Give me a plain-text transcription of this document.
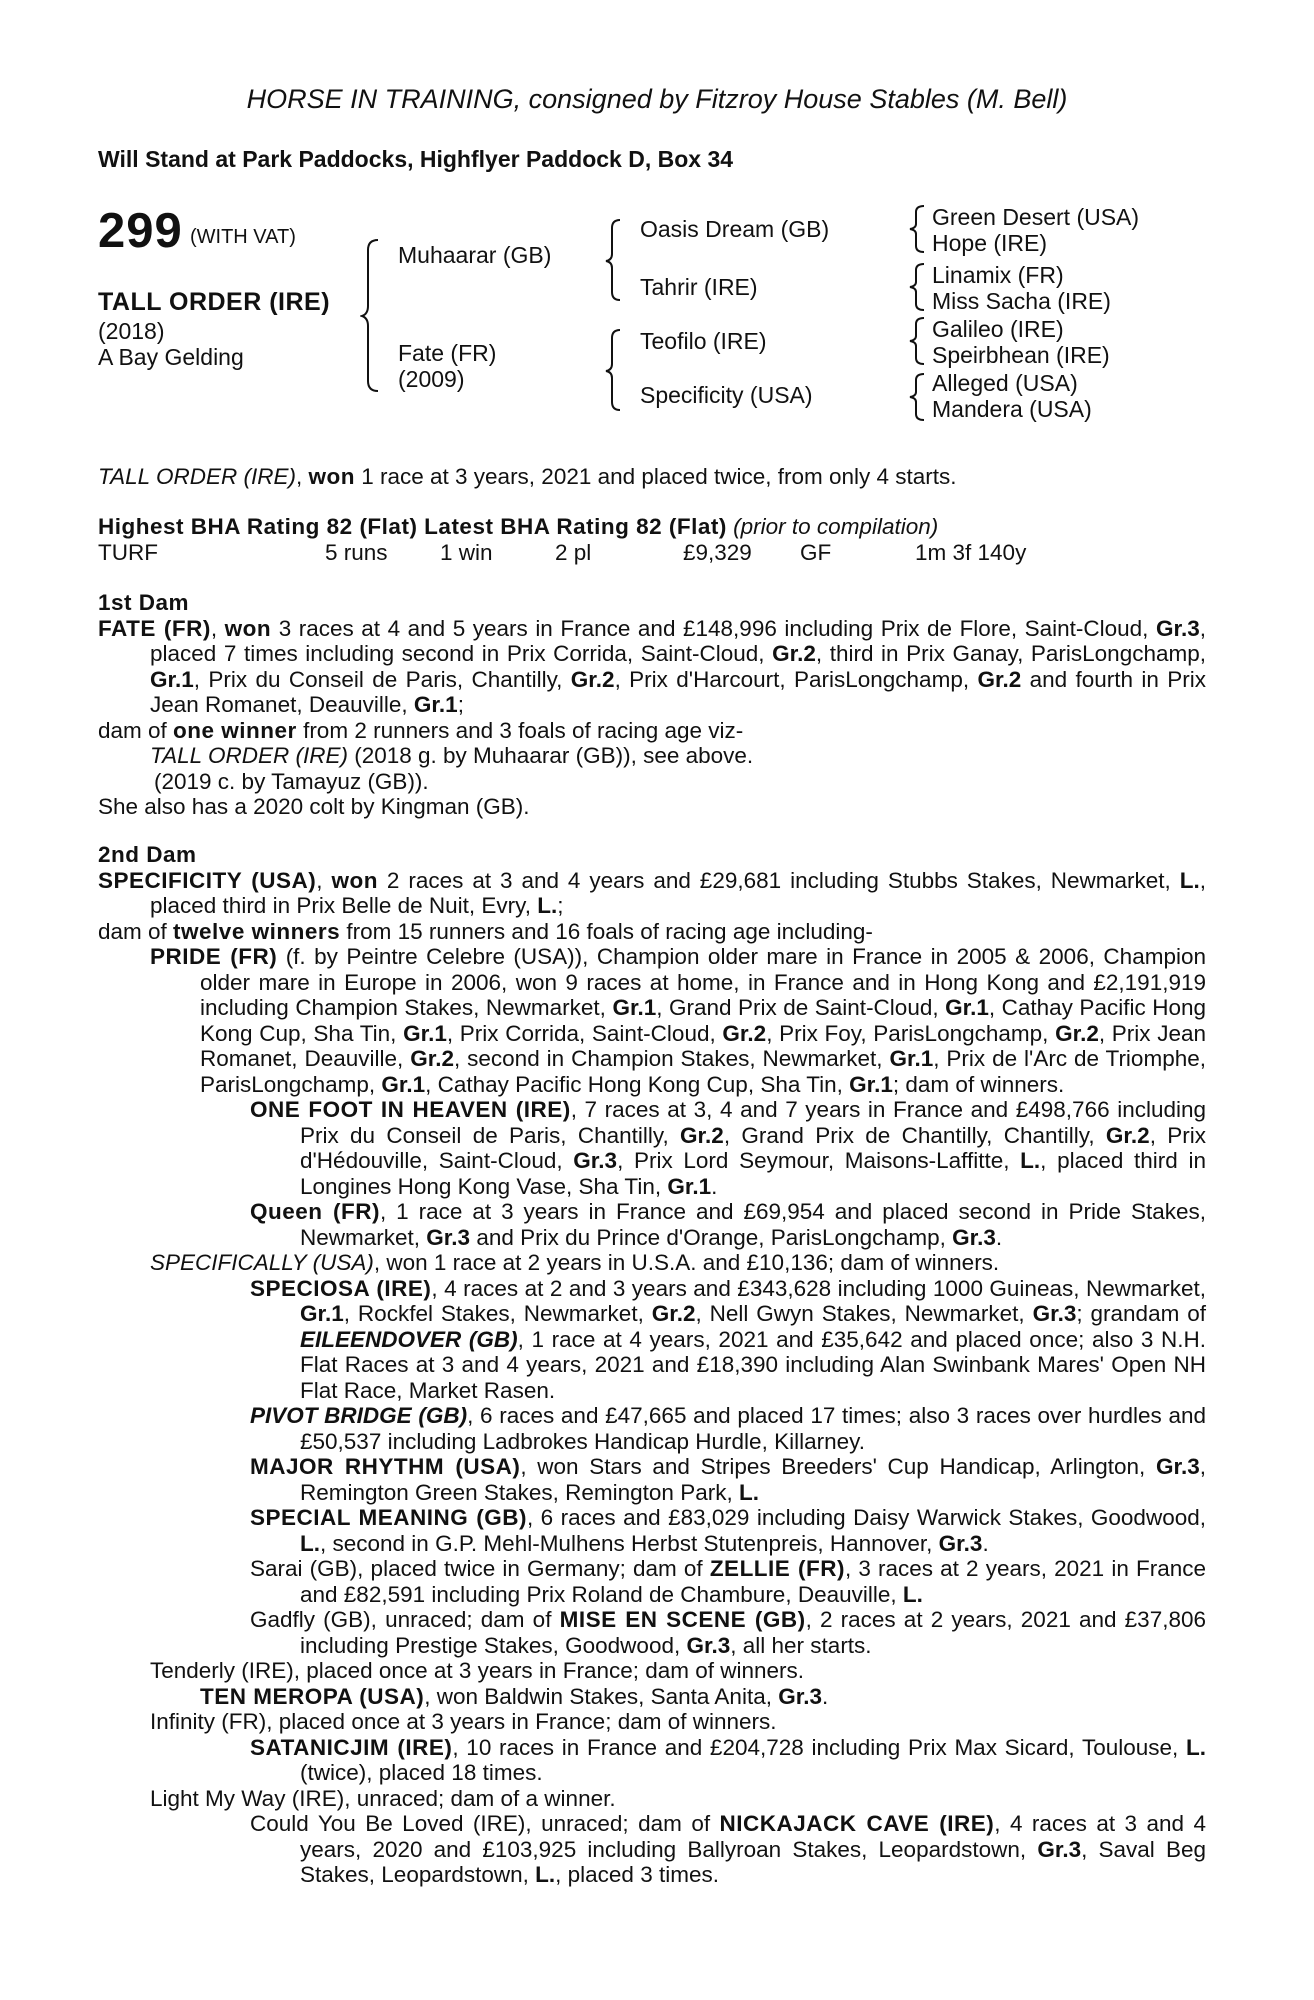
HORSE IN TRAINING, consigned by Fitzroy House Stables (M. Bell)
Will Stand at Park Paddocks, Highflyer Paddock D, Box 34
299 (WITH VAT)
TALL ORDER (IRE)
(2018)
A Bay Gelding
Muhaarar (GB)
Fate (FR)
(2009)
Oasis Dream (GB)
Tahrir (IRE)
Teofilo (IRE)
Specificity (USA)
Green Desert (USA)
Hope (IRE)
Linamix (FR)
Miss Sacha (IRE)
Galileo (IRE)
Speirbhean (IRE)
Alleged (USA)
Mandera (USA)

TALL ORDER (IRE), won 1 race at 3 years, 2021 and placed twice, from only 4 starts.

Highest BHA Rating 82 (Flat) Latest BHA Rating 82 (Flat) (prior to compilation)

TURF	5 runs 1 win	2 pl	£9,329 GF	1m 3f 140y

1st Dam

FATE (FR), won 3 races at 4 and 5 years in France and £148,996 including Prix de Flore, Saint-Cloud, Gr.3, placed 7 times including second in Prix Corrida, Saint-Cloud, Gr.2, third in Prix Ganay, ParisLongchamp, Gr.1, Prix du Conseil de Paris, Chantilly, Gr.2, Prix d'Harcourt, ParisLongchamp, Gr.2 and fourth in Prix Jean Romanet, Deauville, Gr.1;

dam of one winner from 2 runners and 3 foals of racing age viz-

TALL ORDER (IRE) (2018 g. by Muhaarar (GB)), see above.

(2019 c. by Tamayuz (GB)).

She also has a 2020 colt by Kingman (GB).

2nd Dam

SPECIFICITY (USA), won 2 races at 3 and 4 years and £29,681 including Stubbs Stakes, Newmarket, L., placed third in Prix Belle de Nuit, Evry, L.;

dam of twelve winners from 15 runners and 16 foals of racing age including-

PRIDE (FR) (f. by Peintre Celebre (USA)), Champion older mare in France in 2005 & 2006, Champion older mare in Europe in 2006, won 9 races at home, in France and in Hong Kong and £2,191,919 including Champion Stakes, Newmarket, Gr.1, Grand Prix de Saint-Cloud, Gr.1, Cathay Pacific Hong Kong Cup, Sha Tin, Gr.1, Prix Corrida, Saint-Cloud, Gr.2, Prix Foy, ParisLongchamp, Gr.2, Prix Jean Romanet, Deauville, Gr.2, second in Champion Stakes, Newmarket, Gr.1, Prix de l'Arc de Triomphe, ParisLongchamp, Gr.1, Cathay Pacific Hong Kong Cup, Sha Tin, Gr.1; dam of winners.

ONE FOOT IN HEAVEN (IRE), 7 races at 3, 4 and 7 years in France and £498,766 including Prix du Conseil de Paris, Chantilly, Gr.2, Grand Prix de Chantilly, Chantilly, Gr.2, Prix d'Hédouville, Saint-Cloud, Gr.3, Prix Lord Seymour, Maisons-Laffitte, L., placed third in Longines Hong Kong Vase, Sha Tin, Gr.1.

Queen (FR), 1 race at 3 years in France and £69,954 and placed second in Pride Stakes, Newmarket, Gr.3 and Prix du Prince d'Orange, ParisLongchamp, Gr.3.

SPECIFICALLY (USA), won 1 race at 2 years in U.S.A. and £10,136; dam of winners.

SPECIOSA (IRE), 4 races at 2 and 3 years and £343,628 including 1000 Guineas, Newmarket, Gr.1, Rockfel Stakes, Newmarket, Gr.2, Nell Gwyn Stakes, Newmarket, Gr.3; grandam of EILEENDOVER (GB), 1 race at 4 years, 2021 and £35,642 and placed once; also 3 N.H. Flat Races at 3 and 4 years, 2021 and £18,390 including Alan Swinbank Mares' Open NH Flat Race, Market Rasen.

PIVOT BRIDGE (GB), 6 races and £47,665 and placed 17 times; also 3 races over hurdles and £50,537 including Ladbrokes Handicap Hurdle, Killarney.

MAJOR RHYTHM (USA), won Stars and Stripes Breeders' Cup Handicap, Arlington, Gr.3, Remington Green Stakes, Remington Park, L.

SPECIAL MEANING (GB), 6 races and £83,029 including Daisy Warwick Stakes, Goodwood, L., second in G.P. Mehl-Mulhens Herbst Stutenpreis, Hannover, Gr.3.

Sarai (GB), placed twice in Germany; dam of ZELLIE (FR), 3 races at 2 years, 2021 in France and £82,591 including Prix Roland de Chambure, Deauville, L.

Gadfly (GB), unraced; dam of MISE EN SCENE (GB), 2 races at 2 years, 2021 and £37,806 including Prestige Stakes, Goodwood, Gr.3, all her starts.

Tenderly (IRE), placed once at 3 years in France; dam of winners.

TEN MEROPA (USA), won Baldwin Stakes, Santa Anita, Gr.3.

Infinity (FR), placed once at 3 years in France; dam of winners.

SATANICJIM (IRE), 10 races in France and £204,728 including Prix Max Sicard, Toulouse, L. (twice), placed 18 times.

Light My Way (IRE), unraced; dam of a winner.

Could You Be Loved (IRE), unraced; dam of NICKAJACK CAVE (IRE), 4 races at 3 and 4 years, 2020 and £103,925 including Ballyroan Stakes, Leopardstown, Gr.3, Saval Beg Stakes, Leopardstown, L., placed 3 times.
